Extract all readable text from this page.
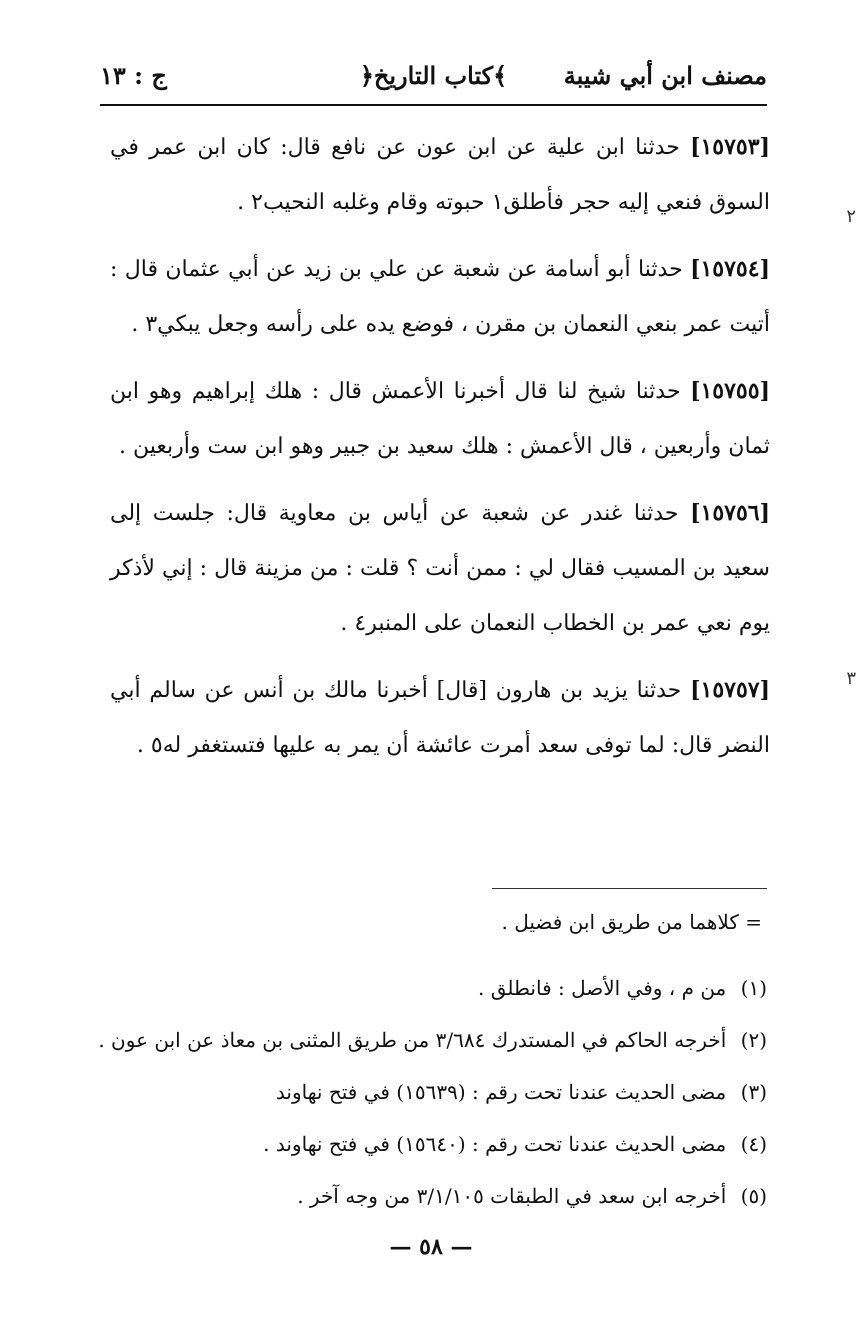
ج : ١٣	﴿كتاب التاريخ﴾ مصنف ابن أبي شيبة

[١٥٧٥٣] حدثنا ابن علية عن ابن عون عن نافع قال: كان ابن عمر في السوق فنعي إليه حجر فأطلق١ حبوته وقام وغلبه النحيب٢ .

[١٥٧٥٤] حدثنا أبو أسامة عن شعبة عن علي بن زيد عن أبي عثمان قال : أتيت عمر بنعي النعمان بن مقرن ، فوضع يده على رأسه وجعل يبكي٣ .

[١٥٧٥٥] حدثنا شيخ لنا قال أخبرنا الأعمش قال : هلك إبراهيم وهو ابن ثمان وأربعين ، قال الأعمش : هلك سعيد بن جبير وهو ابن ست وأربعين .

[١٥٧٥٦] حدثنا غندر عن شعبة عن أياس بن معاوية قال: جلست إلى سعيد بن المسيب فقال لي : ممن أنت ؟ قلت : من مزينة قال : إني لأذكر يوم نعي عمر بن الخطاب النعمان على المنبر٤ .

[١٥٧٥٧] حدثنا يزيد بن هارون [قال] أخبرنا مالك بن أنس عن سالم أبي النضر قال: لما توفى سعد أمرت عائشة أن يمر به عليها فتستغفر له٥ .

= كلاهما من طريق ابن فضيل .
(١) من م ، وفي الأصل : فانطلق .
(٢) أخرجه الحاكم في المستدرك ٣/٦٨٤ من طريق المثنى بن معاذ عن ابن عون .
(٣) مضى الحديث عندنا تحت رقم : (١٥٦٣٩) في فتح نهاوند
(٤) مضى الحديث عندنا تحت رقم : (١٥٦٤٠) في فتح نهاوند .
(٥) أخرجه ابن سعد في الطبقات ٣/١/١٠٥ من وجه آخر .
— ٥٨ —
٢
٣
